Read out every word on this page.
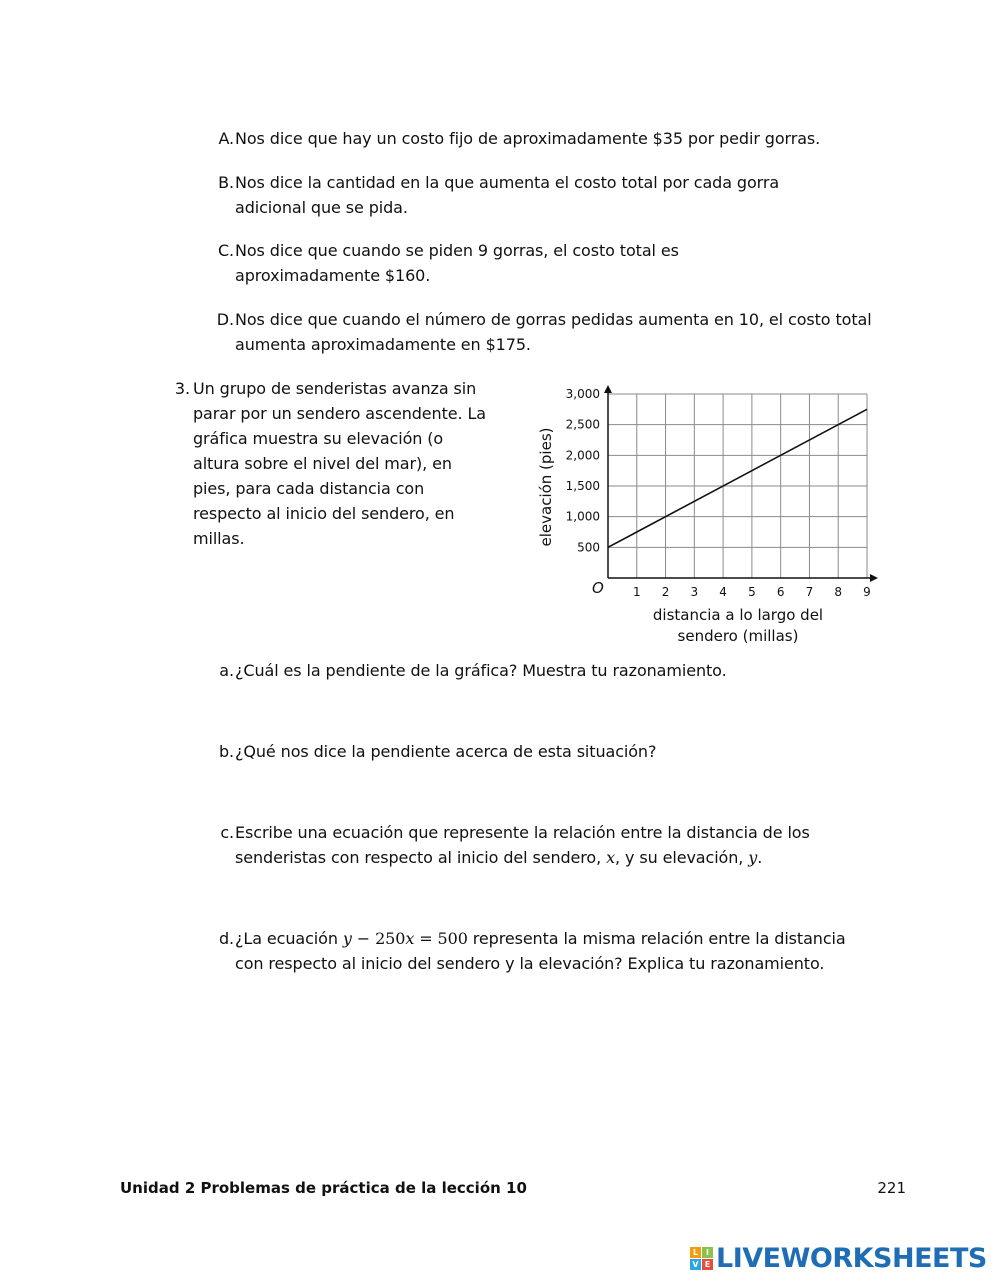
A. Nos dice que hay un costo fijo de aproximadamente $35 por pedir gorras.
B. Nos dice la cantidad en la que aumenta el costo total por cada gorra adicional que se pida.
C. Nos dice que cuando se piden 9 gorras, el costo total es aproximadamente $160.
D. Nos dice que cuando el número de gorras pedidas aumenta en 10, el costo total aumenta aproximadamente en $175.
3. Un grupo de senderistas avanza sin parar por un sendero ascendente. La gráfica muestra su elevación (o altura sobre el nivel del mar), en pies, para cada distancia con respecto al inicio del sendero, en millas.
1 2 3 4 5 6 7 8 9
500
1,000
1,500
2,000
2,500
3,000
O
distancia a lo largo del
sendero (millas)
elevación (pies)
a. ¿Cuál es la pendiente de la gráfica? Muestra tu razonamiento.
b. ¿Qué nos dice la pendiente acerca de esta situación?
c. Escribe una ecuación que represente la relación entre la distancia de los senderistas con respecto al inicio del sendero, x, y su elevación, y.
d. ¿La ecuación y − 250x = 500 representa la misma relación entre la distancia con respecto al inicio del sendero y la elevación? Explica tu razonamiento.
Unidad 2 Problemas de práctica de la lección 10	221
L I
V E LIVEWORKSHEETS
